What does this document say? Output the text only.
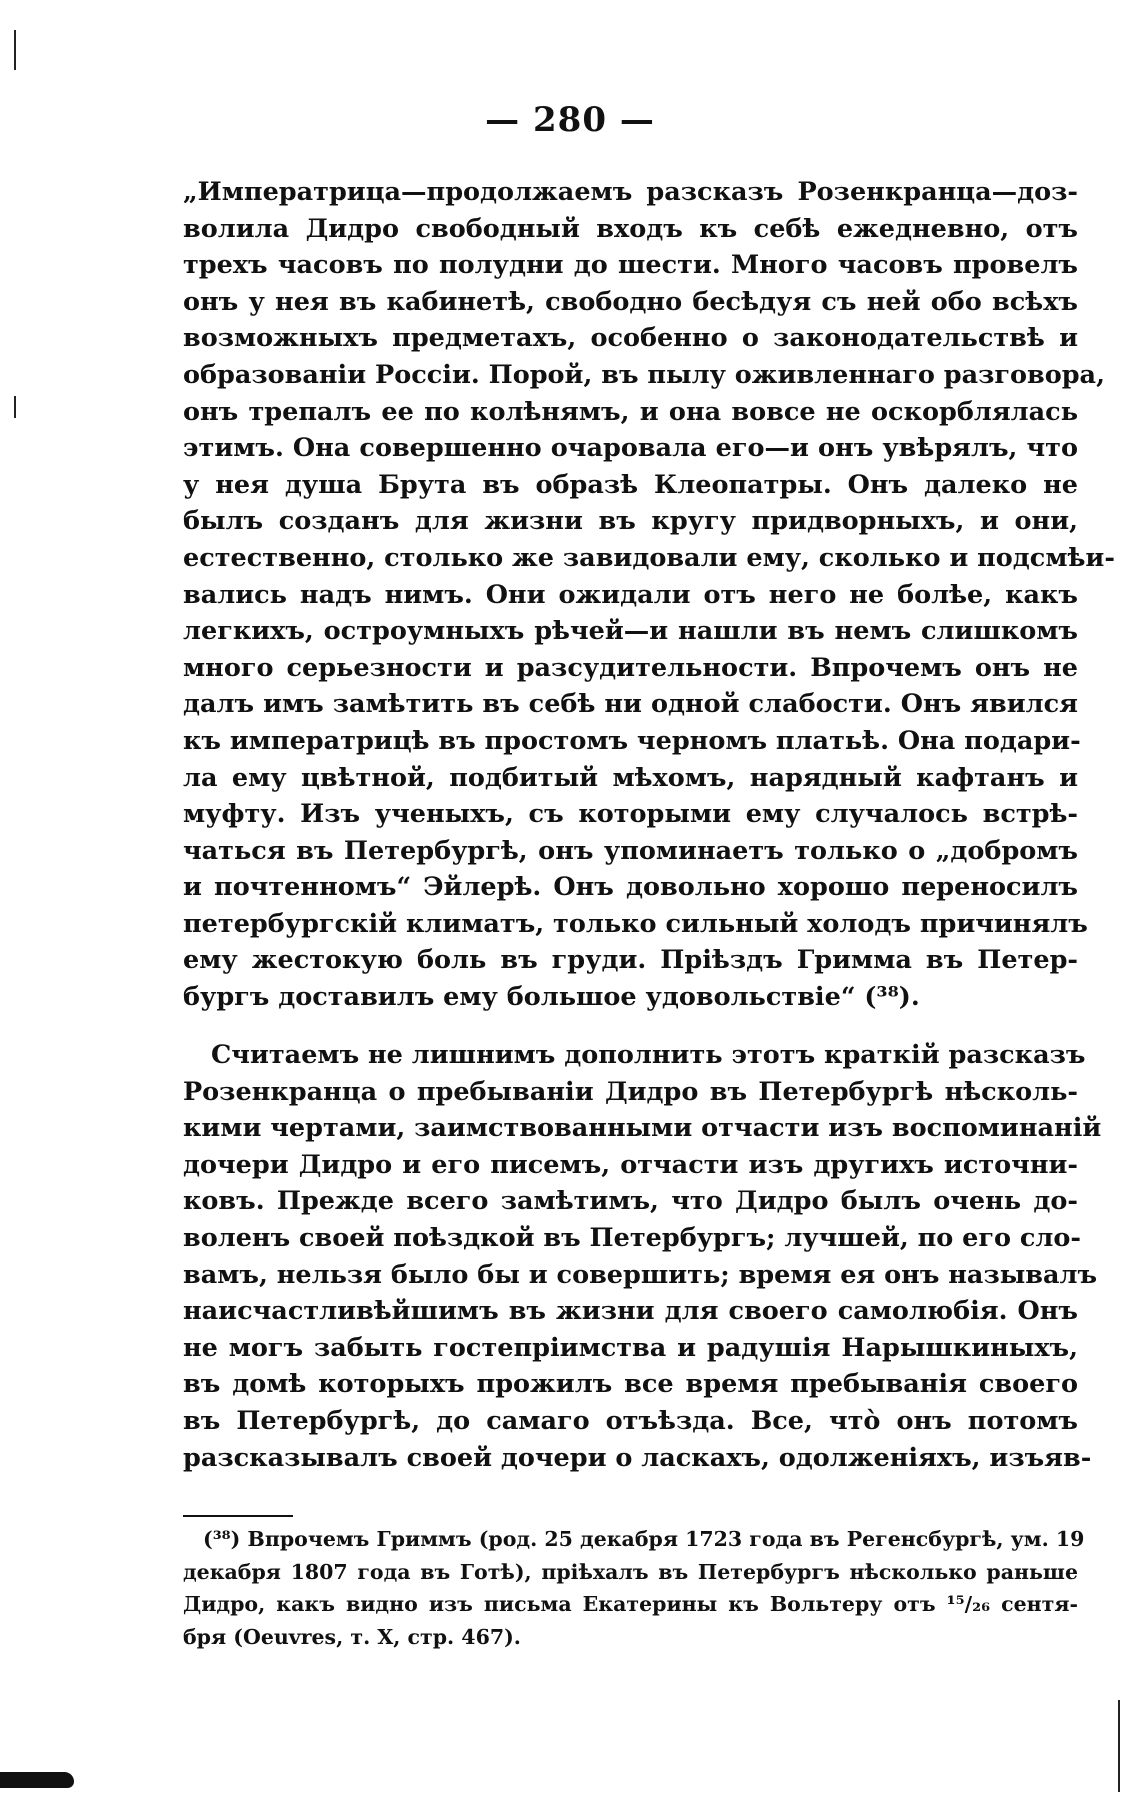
— 280 —
„Императрица—продолжаемъ разсказъ Розенкранца—доз-
волила Дидро свободный входъ къ себѣ ежедневно, отъ
трехъ часовъ по полудни до шести. Много часовъ провелъ
онъ у нея въ кабинетѣ, свободно бесѣдуя съ ней обо всѣхъ
возможныхъ предметахъ, особенно о законодательствѣ и
образованіи Россіи. Порой, въ пылу оживленнаго разговора,
онъ трепалъ ее по колѣнямъ, и она вовсе не оскорблялась
этимъ. Она совершенно очаровала его—и онъ увѣрялъ, что
у нея душа Брута въ образѣ Клеопатры. Онъ далеко не
былъ созданъ для жизни въ кругу придворныхъ, и они,
естественно, столько же завидовали ему, сколько и подсмѣи-
вались надъ нимъ. Они ожидали отъ него не болѣе, какъ
легкихъ, остроумныхъ рѣчей—и нашли въ немъ слишкомъ
много серьезности и разсудительности. Впрочемъ онъ не
далъ имъ замѣтить въ себѣ ни одной слабости. Онъ явился
къ императрицѣ въ простомъ черномъ платьѣ. Она подари-
ла ему цвѣтной, подбитый мѣхомъ, нарядный кафтанъ и
муфту. Изъ ученыхъ, съ которыми ему случалось встрѣ-
чаться въ Петербургѣ, онъ упоминаетъ только о „добромъ
и почтенномъ“ Эйлерѣ. Онъ довольно хорошо переносилъ
петербургскій климатъ, только сильный холодъ причинялъ
ему жестокую боль въ груди. Пріѣздъ Гримма въ Петер-
бургъ доставилъ ему большое удовольствіе“ (³⁸).
Считаемъ не лишнимъ дополнить этотъ краткій разсказъ
Розенкранца о пребываніи Дидро въ Петербургѣ нѣсколь-
кими чертами, заимствованными отчасти изъ воспоминаній
дочери Дидро и его писемъ, отчасти изъ другихъ источни-
ковъ. Прежде всего замѣтимъ, что Дидро былъ очень до-
воленъ своей поѣздкой въ Петербургъ; лучшей, по его сло-
вамъ, нельзя было бы и совершить; время ея онъ называлъ
наисчастливѣйшимъ въ жизни для своего самолюбія. Онъ
не могъ забыть гостепріимства и радушія Нарышкиныхъ,
въ домѣ которыхъ прожилъ все время пребыванія своего
въ Петербургѣ, до самаго отъѣзда. Все, что̀ онъ потомъ
разсказывалъ своей дочери о ласкахъ, одолженіяхъ, изъяв-
(³⁸) Впрочемъ Гриммъ (род. 25 декабря 1723 года въ Регенсбургѣ, ум. 19
декабря 1807 года въ Готѣ), пріѣхалъ въ Петербургъ нѣсколько раньше
Дидро, какъ видно изъ письма Екатерины къ Вольтеру отъ ¹⁵/₂₆ сентя-
бря (Oeuvres, т. X, стр. 467).
